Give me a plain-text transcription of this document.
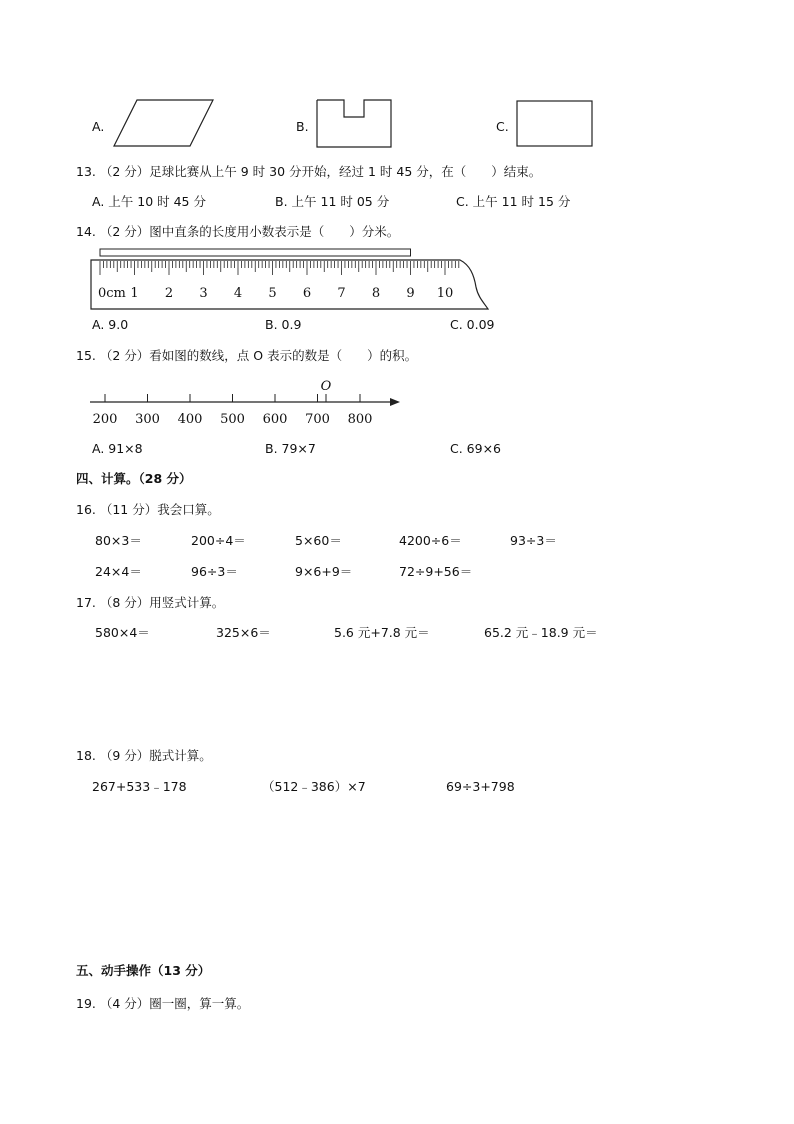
A.	B.	C.
13. （2 分）足球比赛从上午 9 时 30 分开始，经过 1 时 45 分，在（　　）结束。
A. 上午 10 时 45 分	B. 上午 11 时 05 分	C. 上午 11 时 15 分
14. （2 分）图中直条的长度用小数表示是（　　）分米。
0cm 1 2 3 4 5 6 7 8 9 10
A. 9.0	B. 0.9	C. 0.09
15. （2 分）看如图的数线，点 O 表示的数是（　　）的积。
200 300 400 500 600 700 800
O
A. 91×8	B. 79×7	C. 69×6
四、计算。（28 分）
16. （11 分）我会口算。
80×3＝	200÷4＝	5×60＝	4200÷6＝	93÷3＝
24×4＝	96÷3＝	9×6+9＝	72÷9+56＝
17. （8 分）用竖式计算。
580×4＝	325×6＝	5.6 元+7.8 元＝	65.2 元﹣18.9 元＝
18. （9 分）脱式计算。
267+533﹣178	（512﹣386）×7	69÷3+798
五、动手操作（13 分）
19. （4 分）圈一圈，算一算。
